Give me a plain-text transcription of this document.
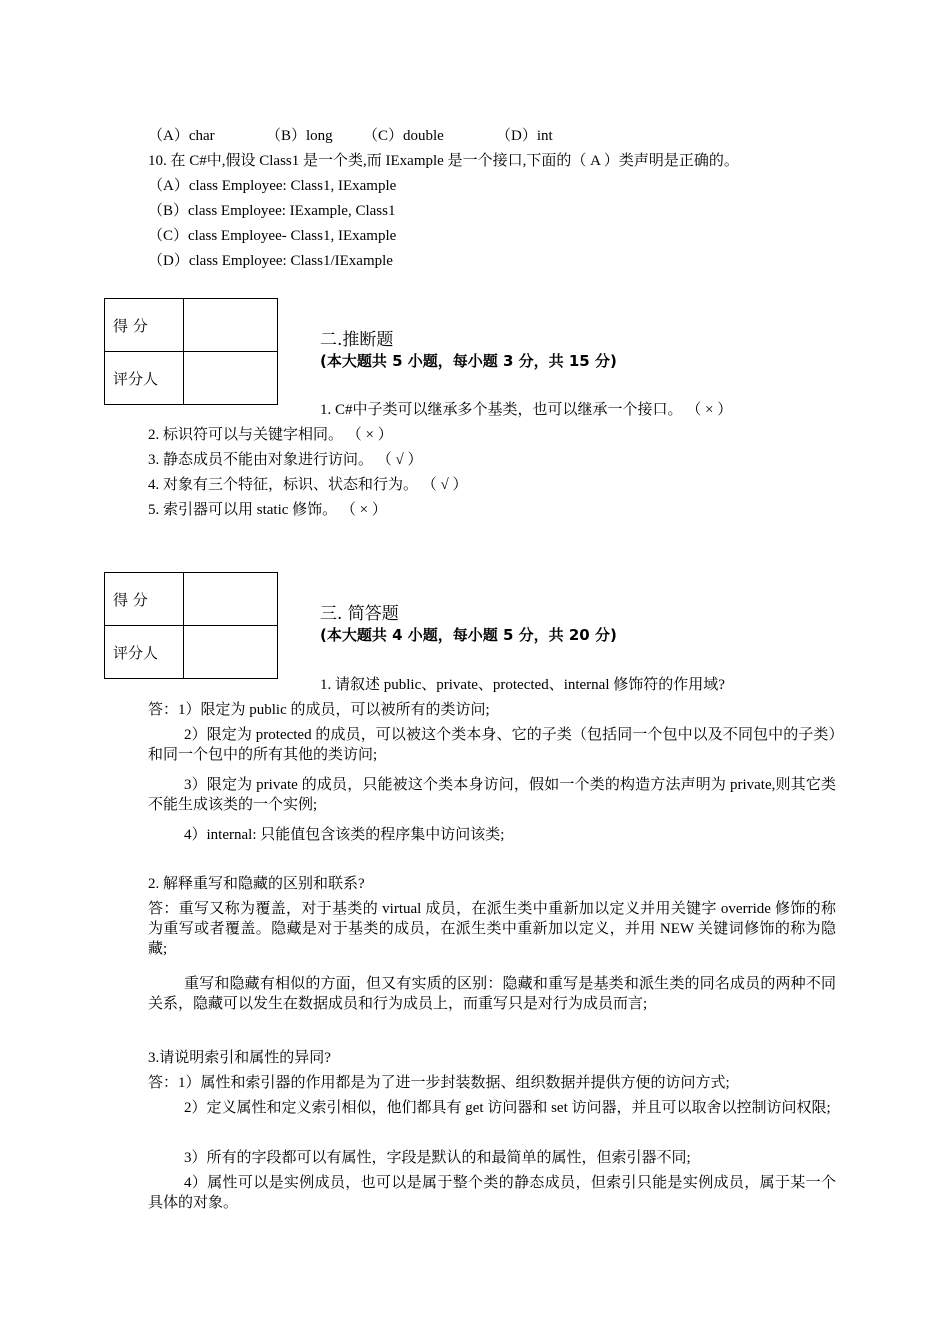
（A）char	（B）long （C）double	（D）int
10. 在 C#中,假设 Class1 是一个类,而 IExample 是一个接口,下面的（ A ）类声明是正确的。
（A）class Employee: Class1, IExample
（B）class Employee: IExample, Class1
（C）class Employee- Class1, IExample
（D）class Employee: Class1/IExample
得 分	
评分人	
二.推断题
(本大题共 5 小题，每小题 3 分，共 15 分)
1. C#中子类可以继承多个基类，也可以继承一个接口。 （ × ）
2. 标识符可以与关键字相同。 （ × ）
3. 静态成员不能由对象进行访问。 （ √ ）
4. 对象有三个特征，标识、状态和行为。 （ √ ）
5. 索引器可以用 static 修饰。 （ × ）
得 分	
评分人	
三. 简答题
(本大题共 4 小题，每小题 5 分，共 20 分)
1. 请叙述 public、private、protected、internal 修饰符的作用域?
答：1）限定为 public 的成员，可以被所有的类访问;
2）限定为 protected 的成员，可以被这个类本身、它的子类（包括同一个包中以及不同包中的子类）和同一个包中的所有其他的类访问;
3）限定为 private 的成员，只能被这个类本身访问，假如一个类的构造方法声明为 private,则其它类不能生成该类的一个实例;
4）internal: 只能值包含该类的程序集中访问该类;
2. 解释重写和隐藏的区别和联系?
答：重写又称为覆盖，对于基类的 virtual 成员，在派生类中重新加以定义并用关键字 override 修饰的称为重写或者覆盖。隐藏是对于基类的成员，在派生类中重新加以定义，并用 NEW 关键词修饰的称为隐藏;
重写和隐藏有相似的方面，但又有实质的区别：隐藏和重写是基类和派生类的同名成员的两种不同关系，隐藏可以发生在数据成员和行为成员上，而重写只是对行为成员而言;
3.请说明索引和属性的异同?
答：1）属性和索引器的作用都是为了进一步封装数据、组织数据并提供方便的访问方式;
2）定义属性和定义索引相似，他们都具有 get 访问器和 set 访问器，并且可以取舍以控制访问权限;
3）所有的字段都可以有属性，字段是默认的和最简单的属性，但索引器不同;
4）属性可以是实例成员，也可以是属于整个类的静态成员，但索引只能是实例成员，属于某一个具体的对象。
